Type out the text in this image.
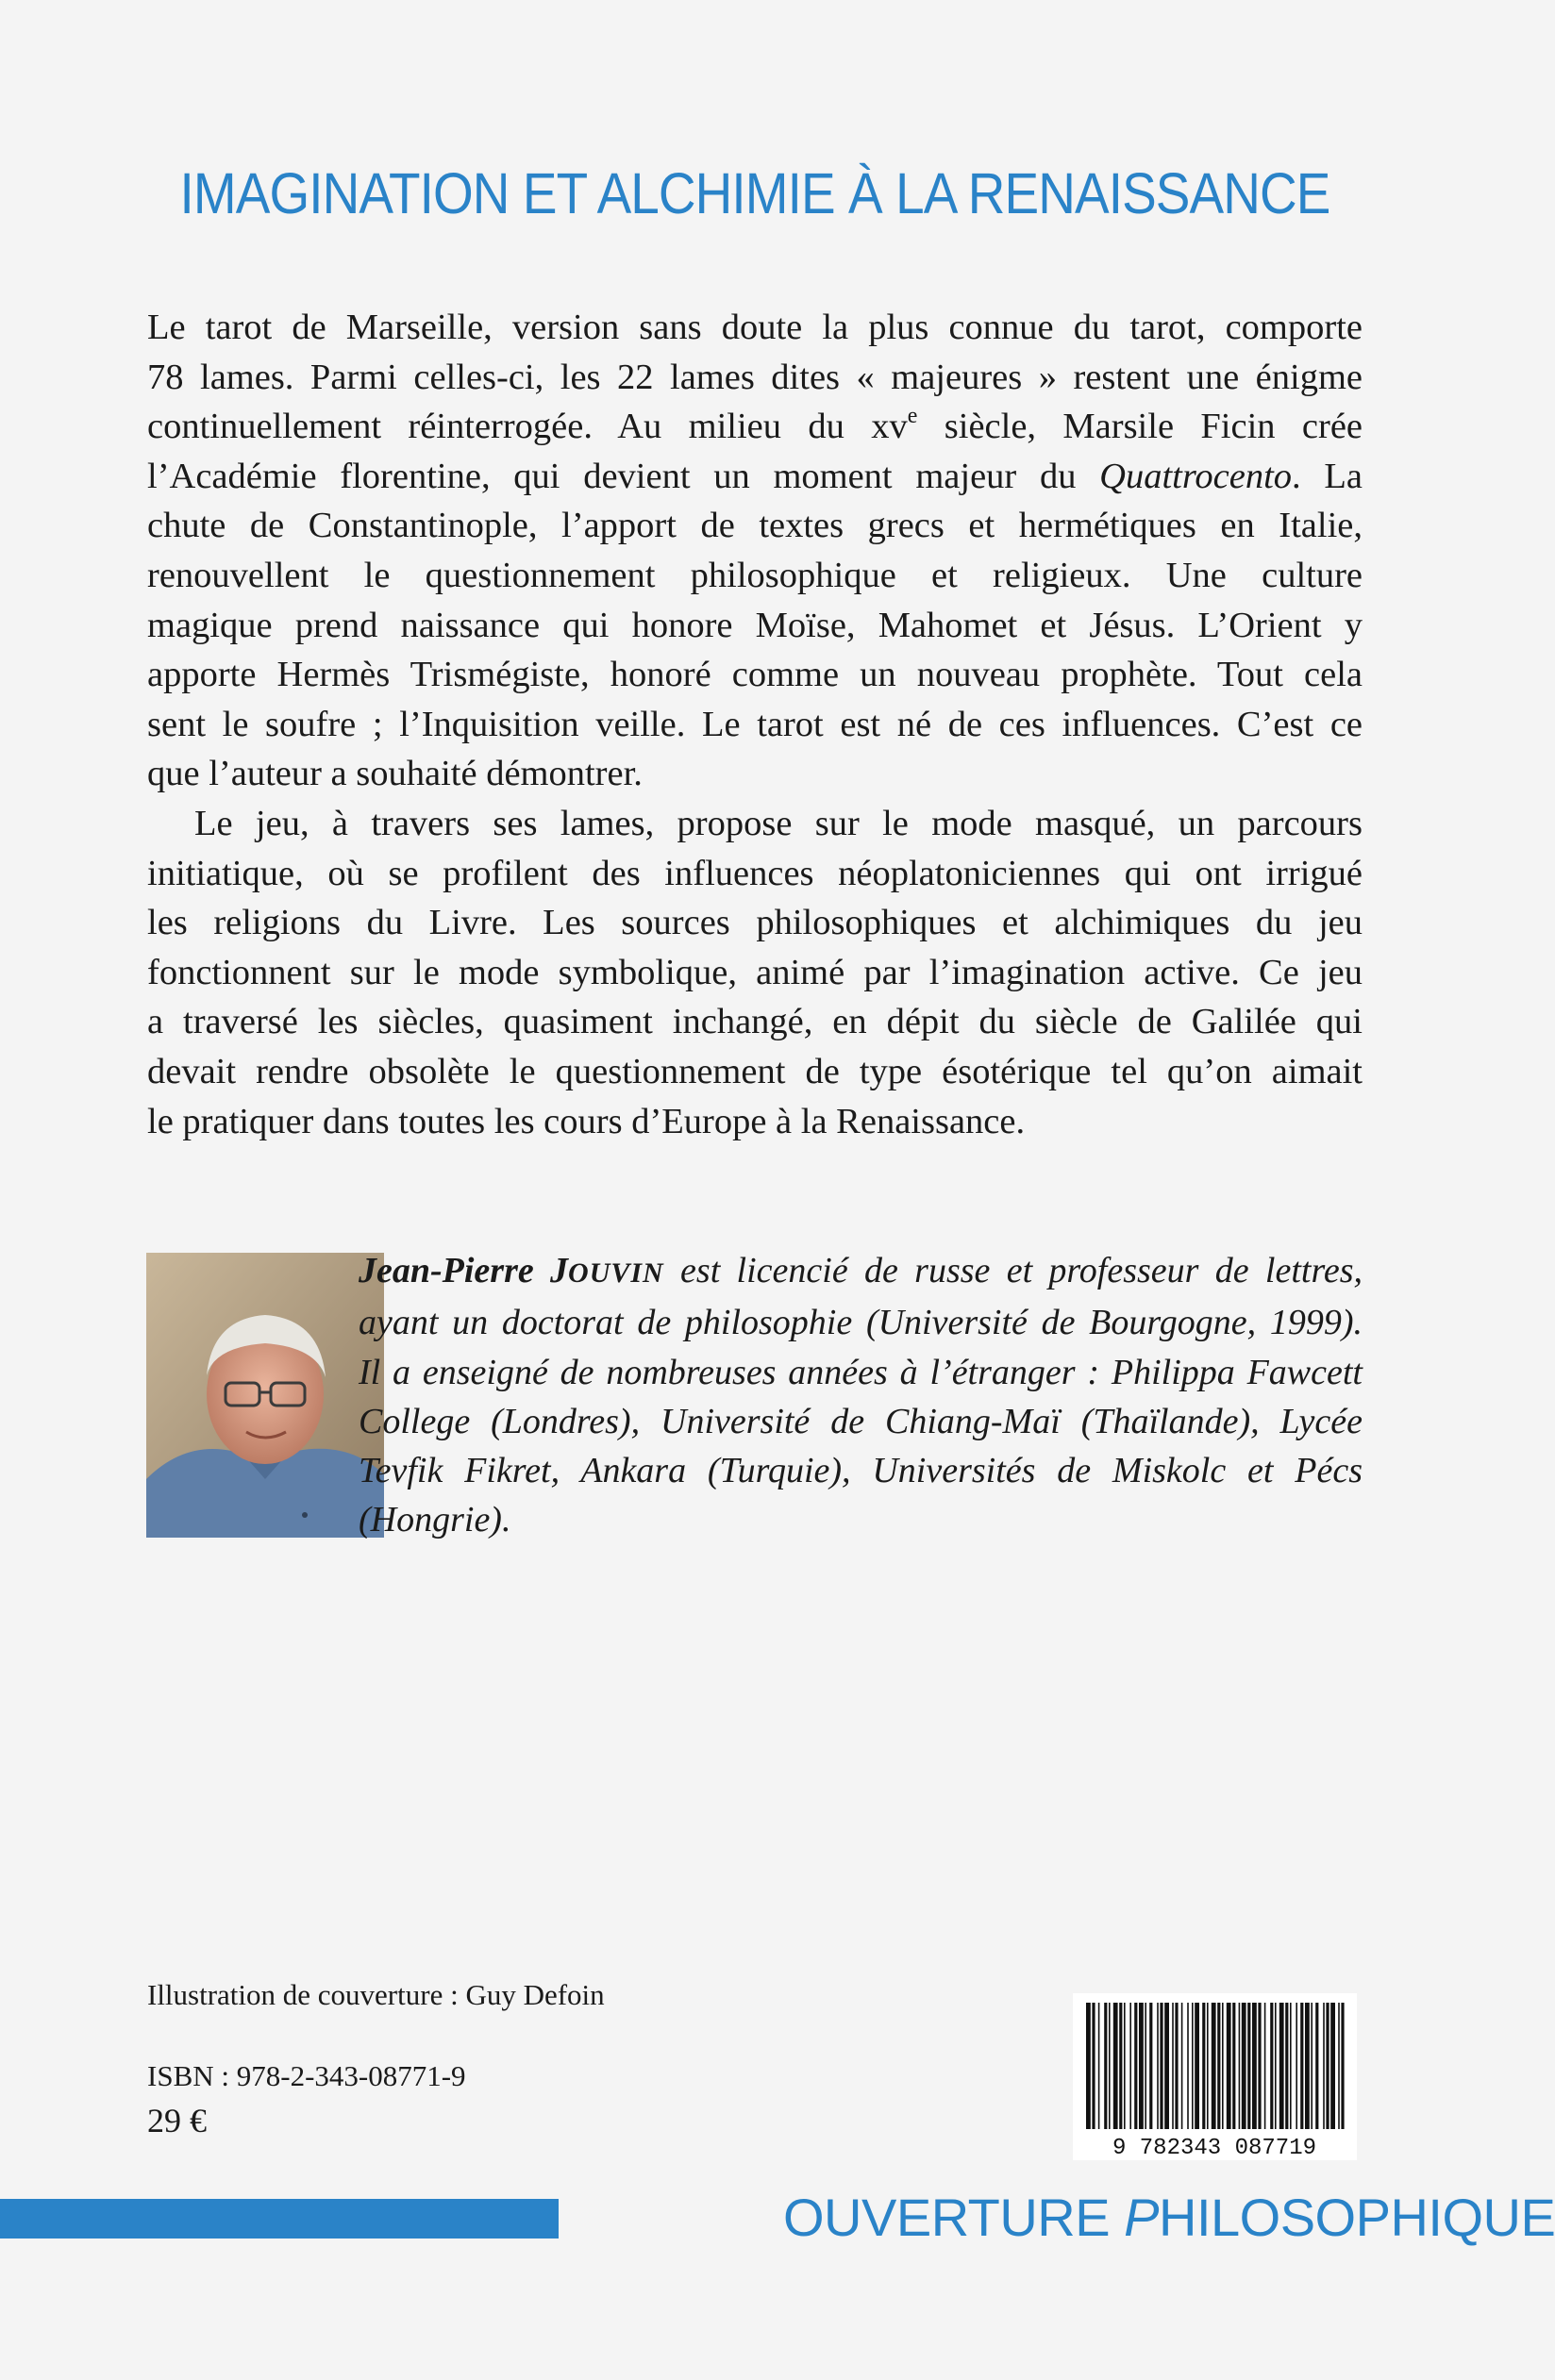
IMAGINATION ET ALCHIMIE À LA RENAISSANCE
Le tarot de Marseille, version sans doute la plus connue du tarot, comporte
78 lames. Parmi celles-ci, les 22 lames dites « majeures » restent une énigme
continuellement réinterrogée. Au milieu du $xv^e$ siècle, Marsile Ficin crée
l’Académie florentine, qui devient un moment majeur du Quattrocento. La
chute de Constantinople, l’apport de textes grecs et hermétiques en Italie,
renouvellent le questionnement philosophique et religieux. Une culture
magique prend naissance qui honore Moïse, Mahomet et Jésus. L’Orient y
apporte Hermès Trismégiste, honoré comme un nouveau prophète. Tout cela
sent le soufre ; l’Inquisition veille. Le tarot est né de ces influences. C’est ce
que l’auteur a souhaité démontrer.
Le jeu, à travers ses lames, propose sur le mode masqué, un parcours
initiatique, où se profilent des influences néoplatoniciennes qui ont irrigué
les religions du Livre. Les sources philosophiques et alchimiques du jeu
fonctionnent sur le mode symbolique, animé par l’imagination active. Ce jeu
a traversé les siècles, quasiment inchangé, en dépit du siècle de Galilée qui
devait rendre obsolète le questionnement de type ésotérique tel qu’on aimait
le pratiquer dans toutes les cours d’Europe à la Renaissance.
Jean-Pierre JOUVIN est licencié de russe et professeur de lettres,
ayant un doctorat de philosophie (Université de Bourgogne, 1999).
Il a enseigné de nombreuses années à l’étranger : Philippa Fawcett
College (Londres), Université de Chiang-Maï (Thaïlande), Lycée
Tevfik Fikret, Ankara (Turquie), Universités de Miskolc et Pécs
(Hongrie).
Illustration de couverture : Guy Defoin
ISBN : 978-2-343-08771-9
29 €
9 782343 087719
OUVERTURE PHILOSOPHIQUE
